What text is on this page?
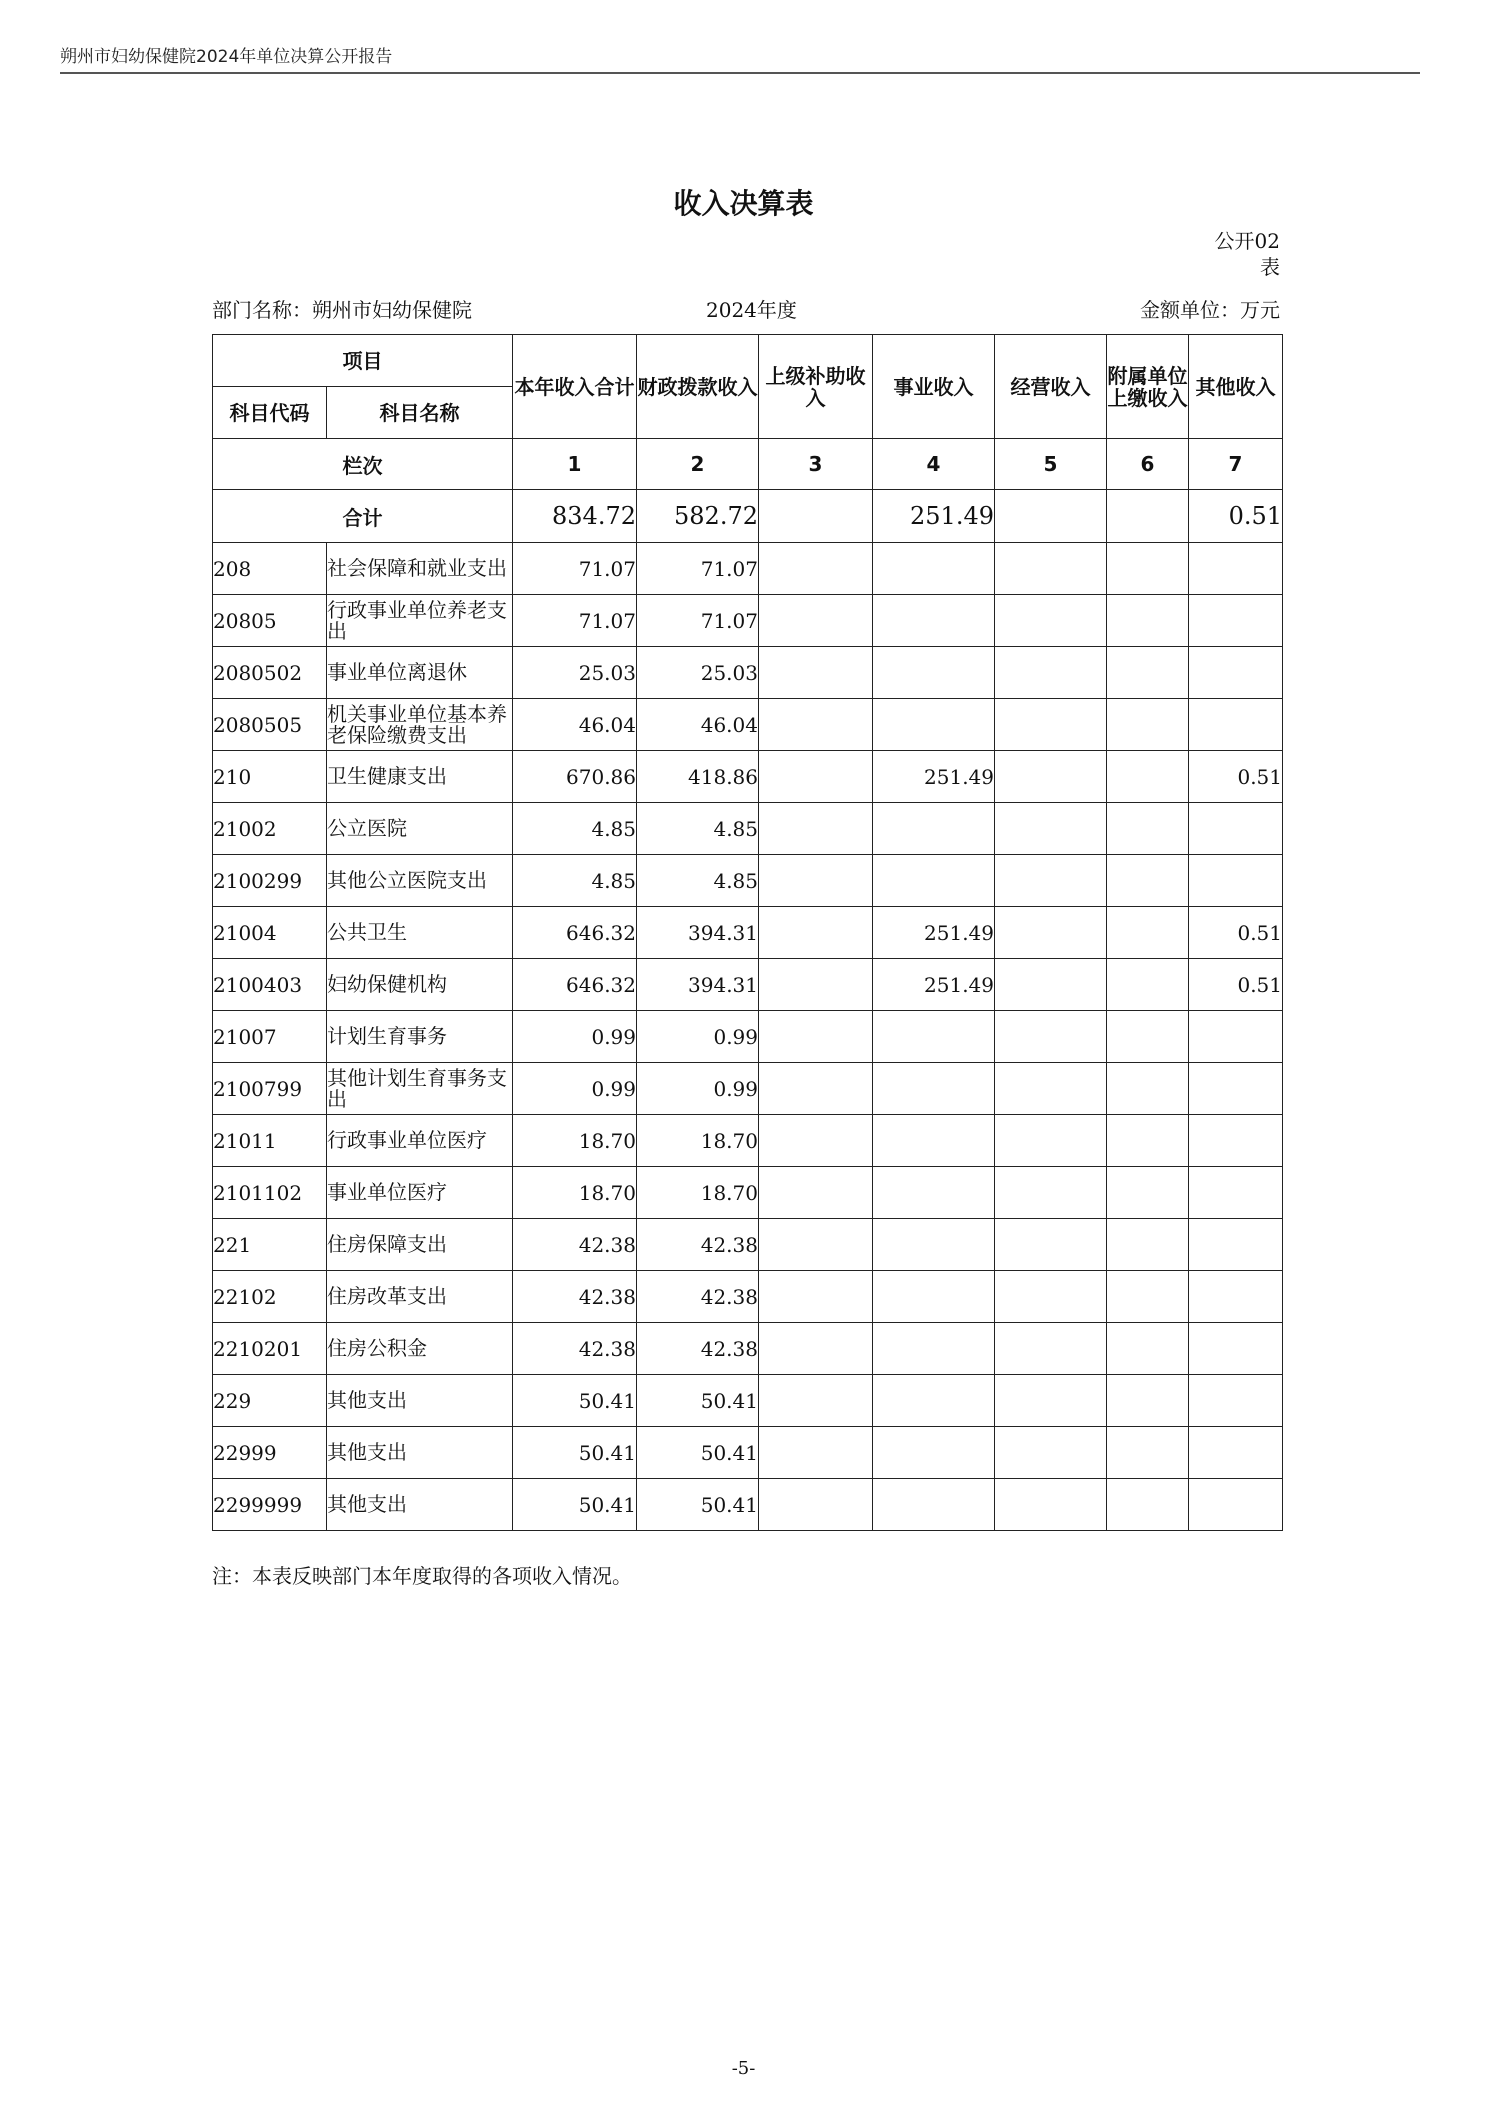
朔州市妇幼保健院2024年单位决算公开报告
收入决算表
公开02
表
部门名称：朔州市妇幼保健院	2024年度	金额单位：万元
项目		本年收入合计	财政拨款收入	上级补助收入	事业收入	经营收入	附属单位上缴收入	其他收入
科目代码	科目名称							
栏次		1	2	3	4	5	6	7
合计		834.72	582.72		251.49			0.51
208	社会保障和就业支出	71.07	71.07					
20805	行政事业单位养老支出	71.07	71.07					
2080502	事业单位离退休	25.03	25.03					
2080505	机关事业单位基本养老保险缴费支出	46.04	46.04					
210	卫生健康支出	670.86	418.86		251.49			0.51
21002	公立医院	4.85	4.85					
2100299	其他公立医院支出	4.85	4.85					
21004	公共卫生	646.32	394.31		251.49			0.51
2100403	妇幼保健机构	646.32	394.31		251.49			0.51
21007	计划生育事务	0.99	0.99					
2100799	其他计划生育事务支出	0.99	0.99					
21011	行政事业单位医疗	18.70	18.70					
2101102	事业单位医疗	18.70	18.70					
221	住房保障支出	42.38	42.38					
22102	住房改革支出	42.38	42.38					
2210201	住房公积金	42.38	42.38					
229	其他支出	50.41	50.41					
22999	其他支出	50.41	50.41					
2299999	其他支出	50.41	50.41					
注：本表反映部门本年度取得的各项收入情况。
-5-
